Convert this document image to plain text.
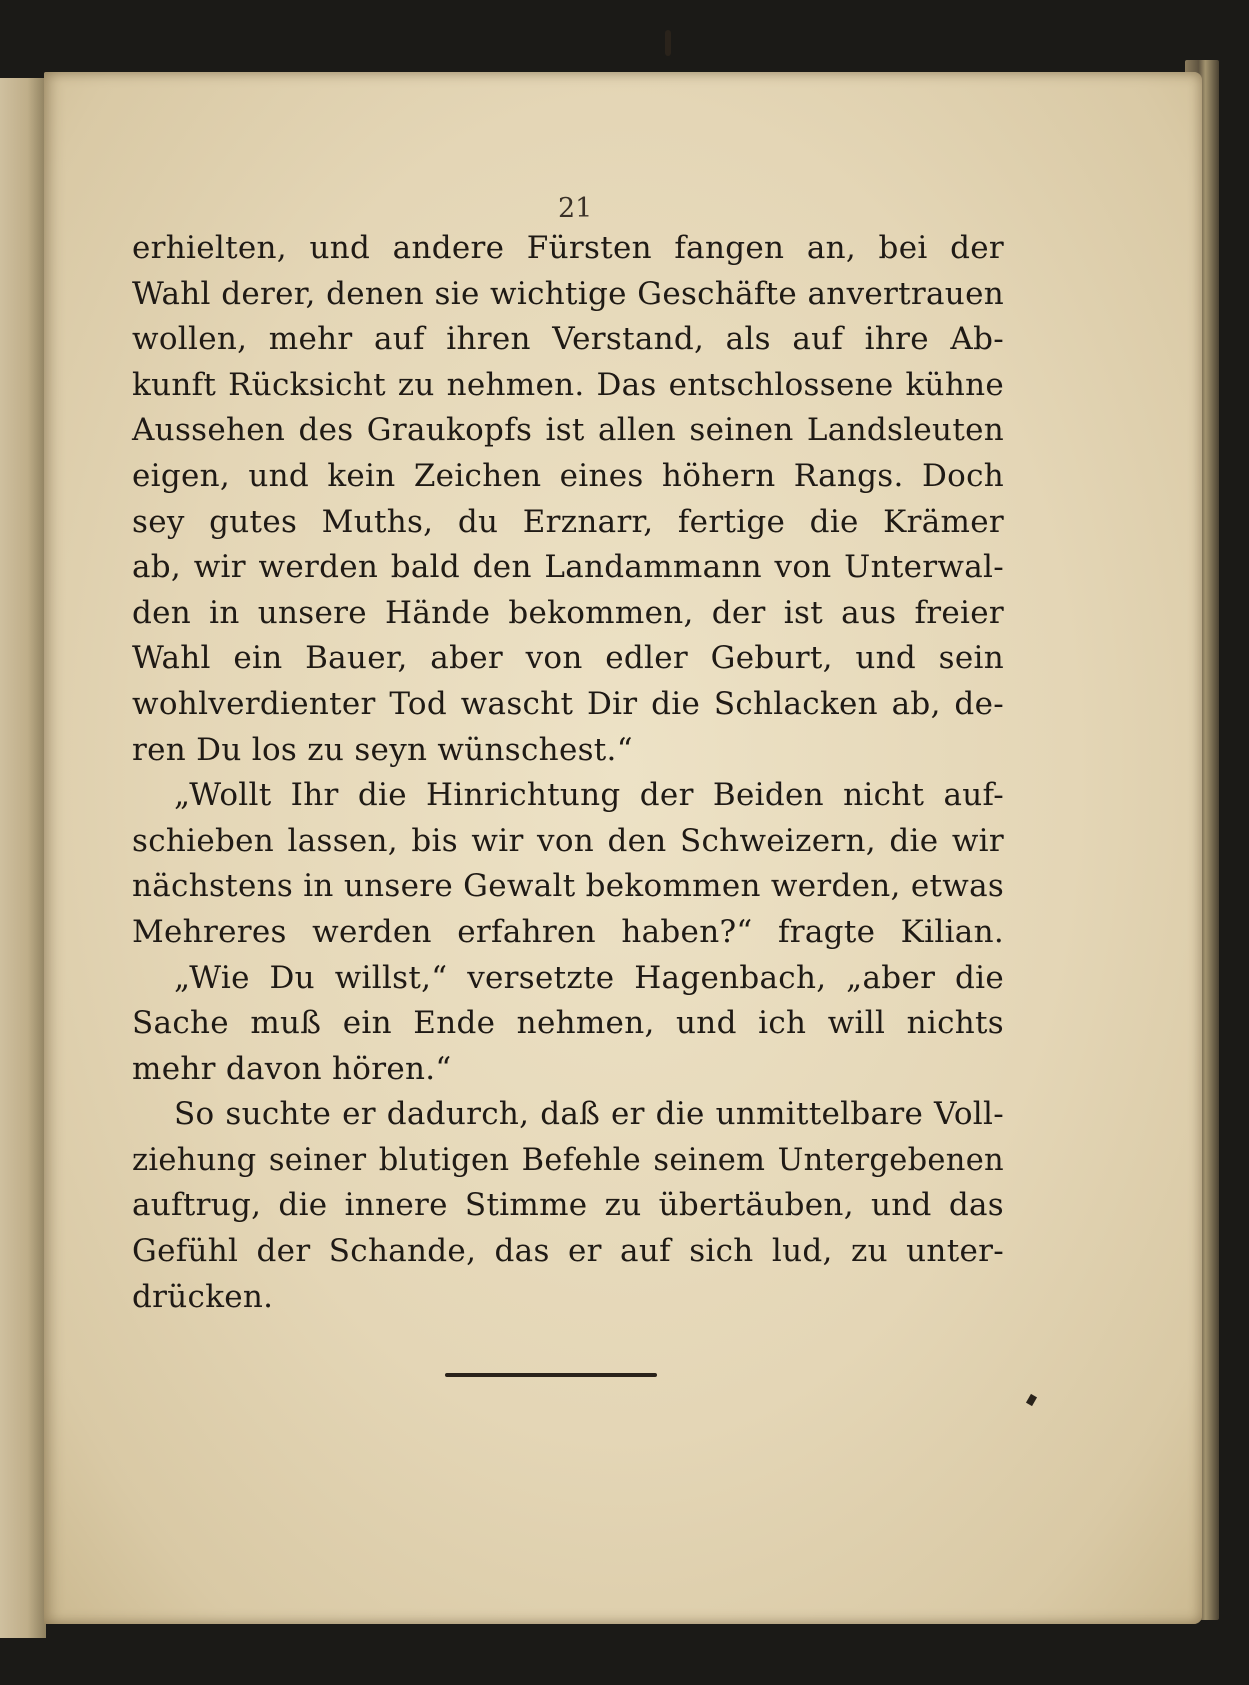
21
erhielten, und andere Fürsten fangen an, bei der
Wahl derer, denen sie wichtige Geschäfte anvertrauen
wollen, mehr auf ihren Verstand, als auf ihre Ab-
kunft Rücksicht zu nehmen. Das entschlossene kühne
Aussehen des Graukopfs ist allen seinen Landsleuten
eigen, und kein Zeichen eines höhern Rangs. Doch
sey gutes Muths, du Erznarr, fertige die Krämer
ab, wir werden bald den Landammann von Unterwal-
den in unsere Hände bekommen, der ist aus freier
Wahl ein Bauer, aber von edler Geburt, und sein
wohlverdienter Tod wascht Dir die Schlacken ab, de-
ren Du los zu seyn wünschest.“
„Wollt Ihr die Hinrichtung der Beiden nicht auf-
schieben lassen, bis wir von den Schweizern, die wir
nächstens in unsere Gewalt bekommen werden, etwas
Mehreres werden erfahren haben?“ fragte Kilian.
„Wie Du willst,“ versetzte Hagenbach, „aber die
Sache muß ein Ende nehmen, und ich will nichts
mehr davon hören.“
So suchte er dadurch, daß er die unmittelbare Voll-
ziehung seiner blutigen Befehle seinem Untergebenen
auftrug, die innere Stimme zu übertäuben, und das
Gefühl der Schande, das er auf sich lud, zu unter-
drücken.
